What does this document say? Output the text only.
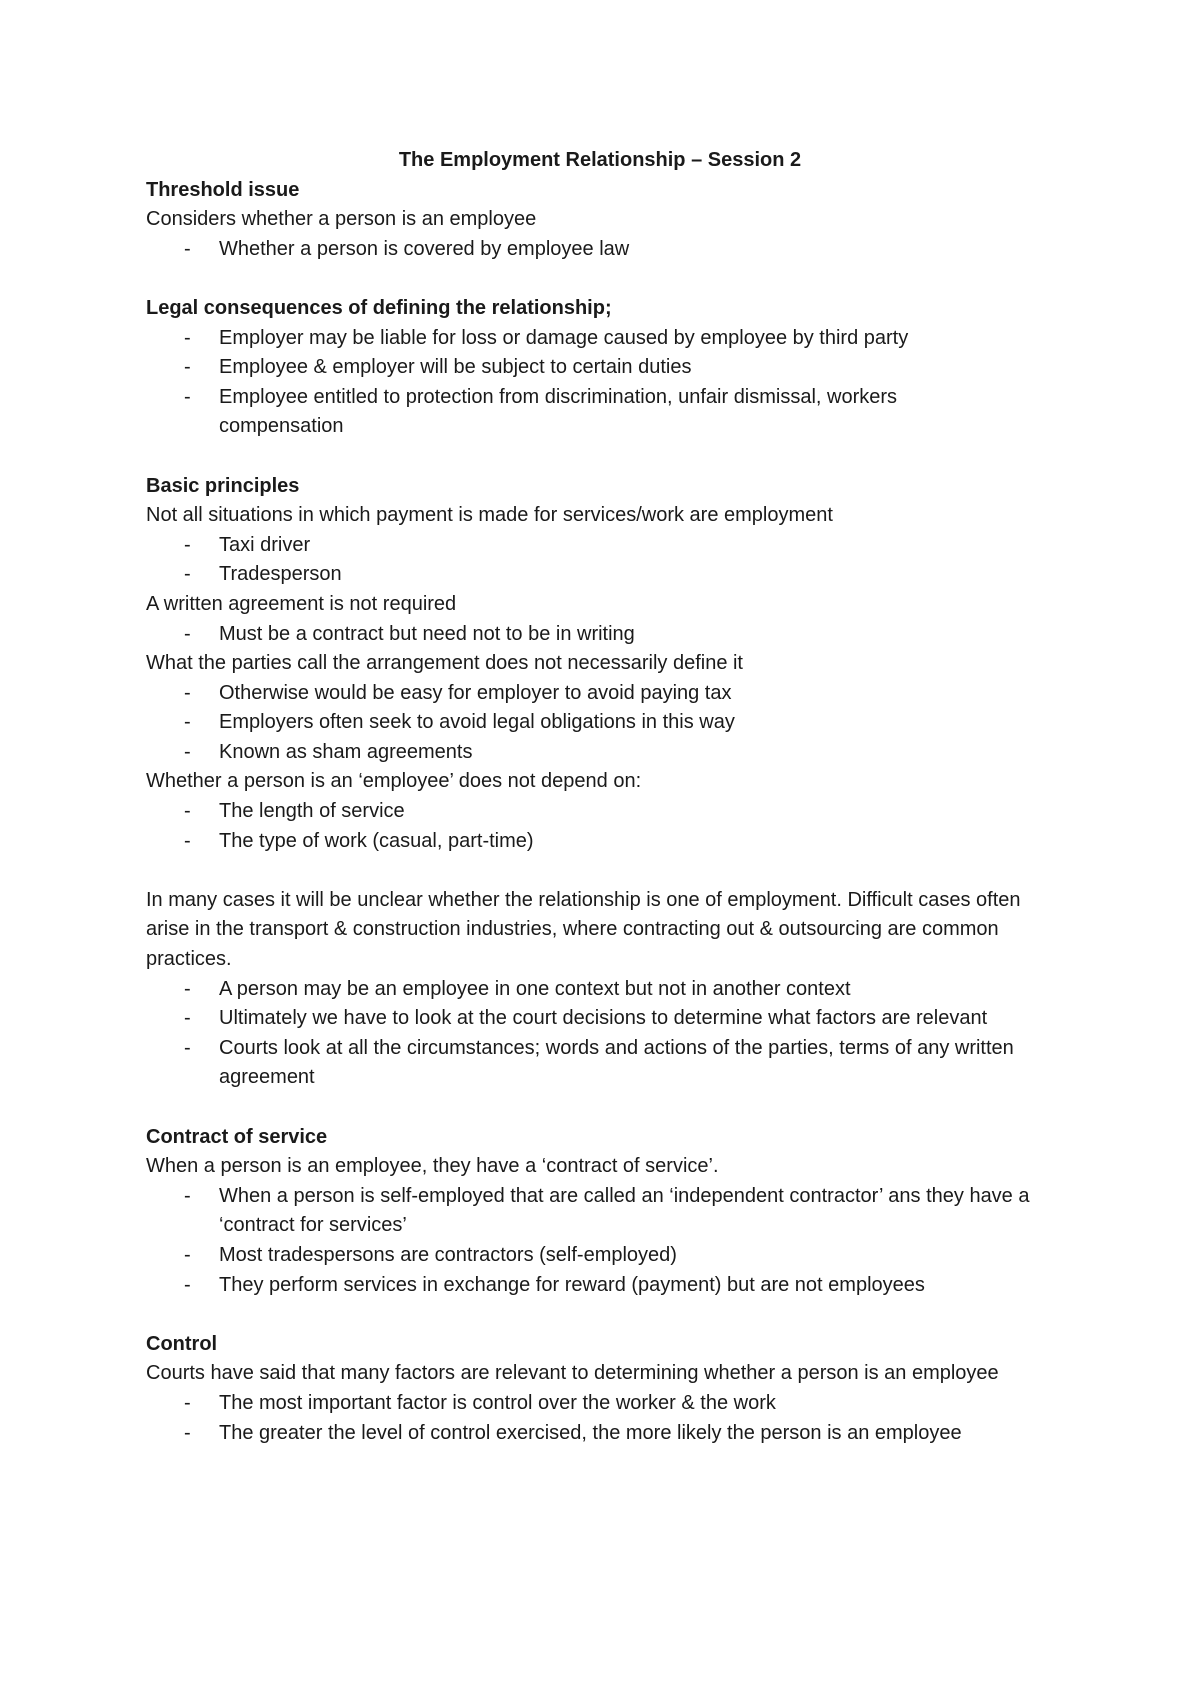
The Employment Relationship – Session 2
Threshold issue
Considers whether a person is an employee
- Whether a person is covered by employee law
Legal consequences of defining the relationship;
- Employer may be liable for loss or damage caused by employee by third party
- Employee & employer will be subject to certain duties
- Employee entitled to protection from discrimination, unfair dismissal, workers compensation
Basic principles
Not all situations in which payment is made for services/work are employment
- Taxi driver
- Tradesperson
A written agreement is not required
- Must be a contract but need not to be in writing
What the parties call the arrangement does not necessarily define it
- Otherwise would be easy for employer to avoid paying tax
- Employers often seek to avoid legal obligations in this way
- Known as sham agreements
Whether a person is an ‘employee’ does not depend on:
- The length of service
- The type of work (casual, part-time)
In many cases it will be unclear whether the relationship is one of employment. Difficult cases often arise in the transport & construction industries, where contracting out & outsourcing are common practices.
- A person may be an employee in one context but not in another context
- Ultimately we have to look at the court decisions to determine what factors are relevant
- Courts look at all the circumstances; words and actions of the parties, terms of any written agreement
Contract of service
When a person is an employee, they have a ‘contract of service’.
- When a person is self-employed that are called an ‘independent contractor’ ans they have a ‘contract for services’
- Most tradespersons are contractors (self-employed)
- They perform services in exchange for reward (payment) but are not employees
Control
Courts have said that many factors are relevant to determining whether a person is an employee
- The most important factor is control over the worker & the work
- The greater the level of control exercised, the more likely the person is an employee
